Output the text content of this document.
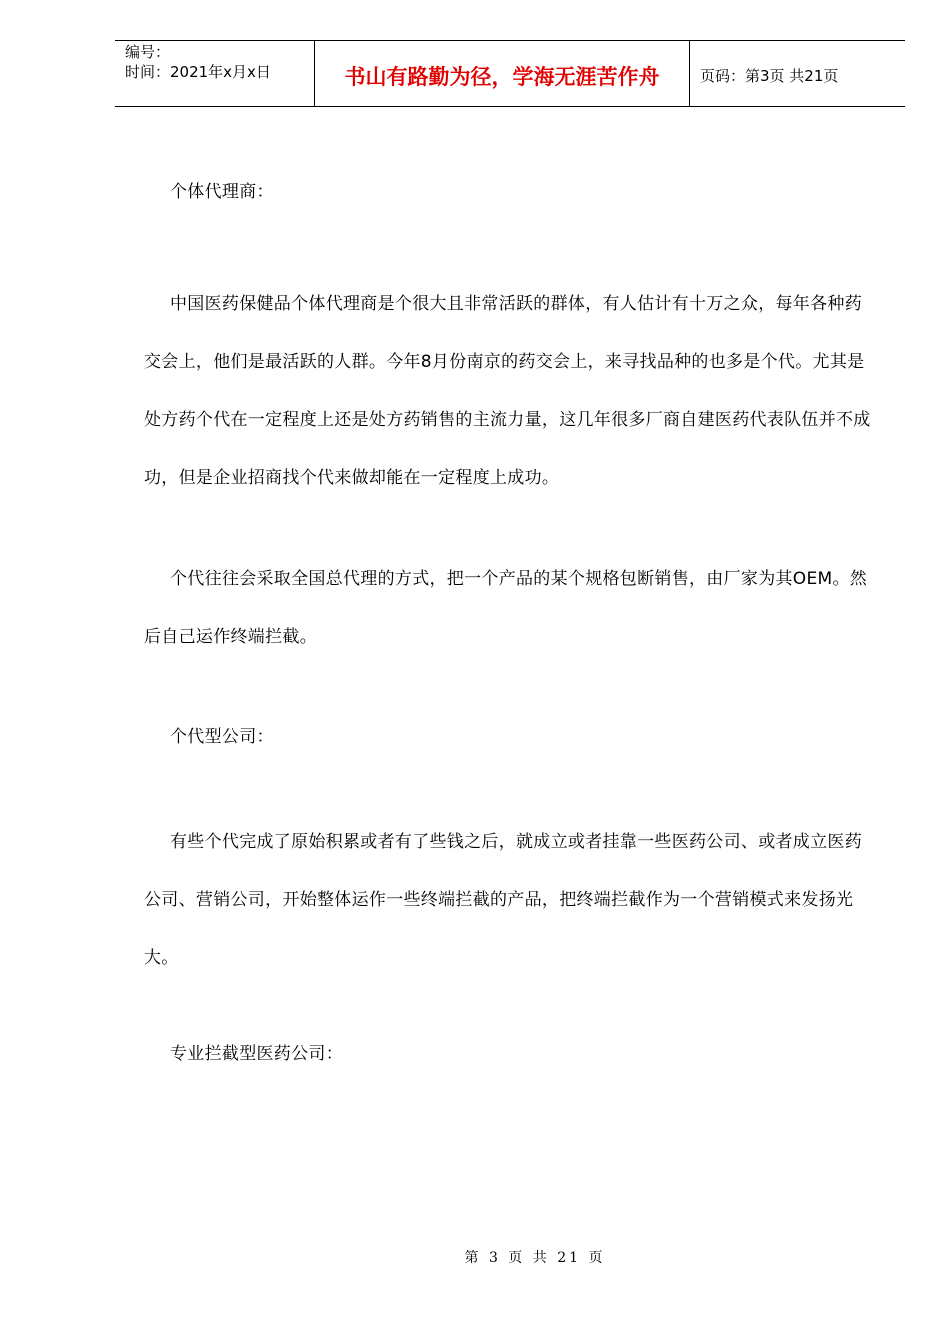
编号：
时间：2021年x月x日	书山有路勤为径，学海无涯苦作舟	页码：第3页 共21页

个体代理商：

中国医药保健品个体代理商是个很大且非常活跃的群体，有人估计有十万之众，每年各种药交会上，他们是最活跃的人群。今年8月份南京的药交会上，来寻找品种的也多是个代。尤其是处方药个代在一定程度上还是处方药销售的主流力量，这几年很多厂商自建医药代表队伍并不成功，但是企业招商找个代来做却能在一定程度上成功。

个代往往会采取全国总代理的方式，把一个产品的某个规格包断销售，由厂家为其OEM。然后自己运作终端拦截。

个代型公司：

有些个代完成了原始积累或者有了些钱之后，就成立或者挂靠一些医药公司、或者成立医药公司、营销公司，开始整体运作一些终端拦截的产品，把终端拦截作为一个营销模式来发扬光大。

专业拦截型医药公司：

第 3 页 共 21 页
